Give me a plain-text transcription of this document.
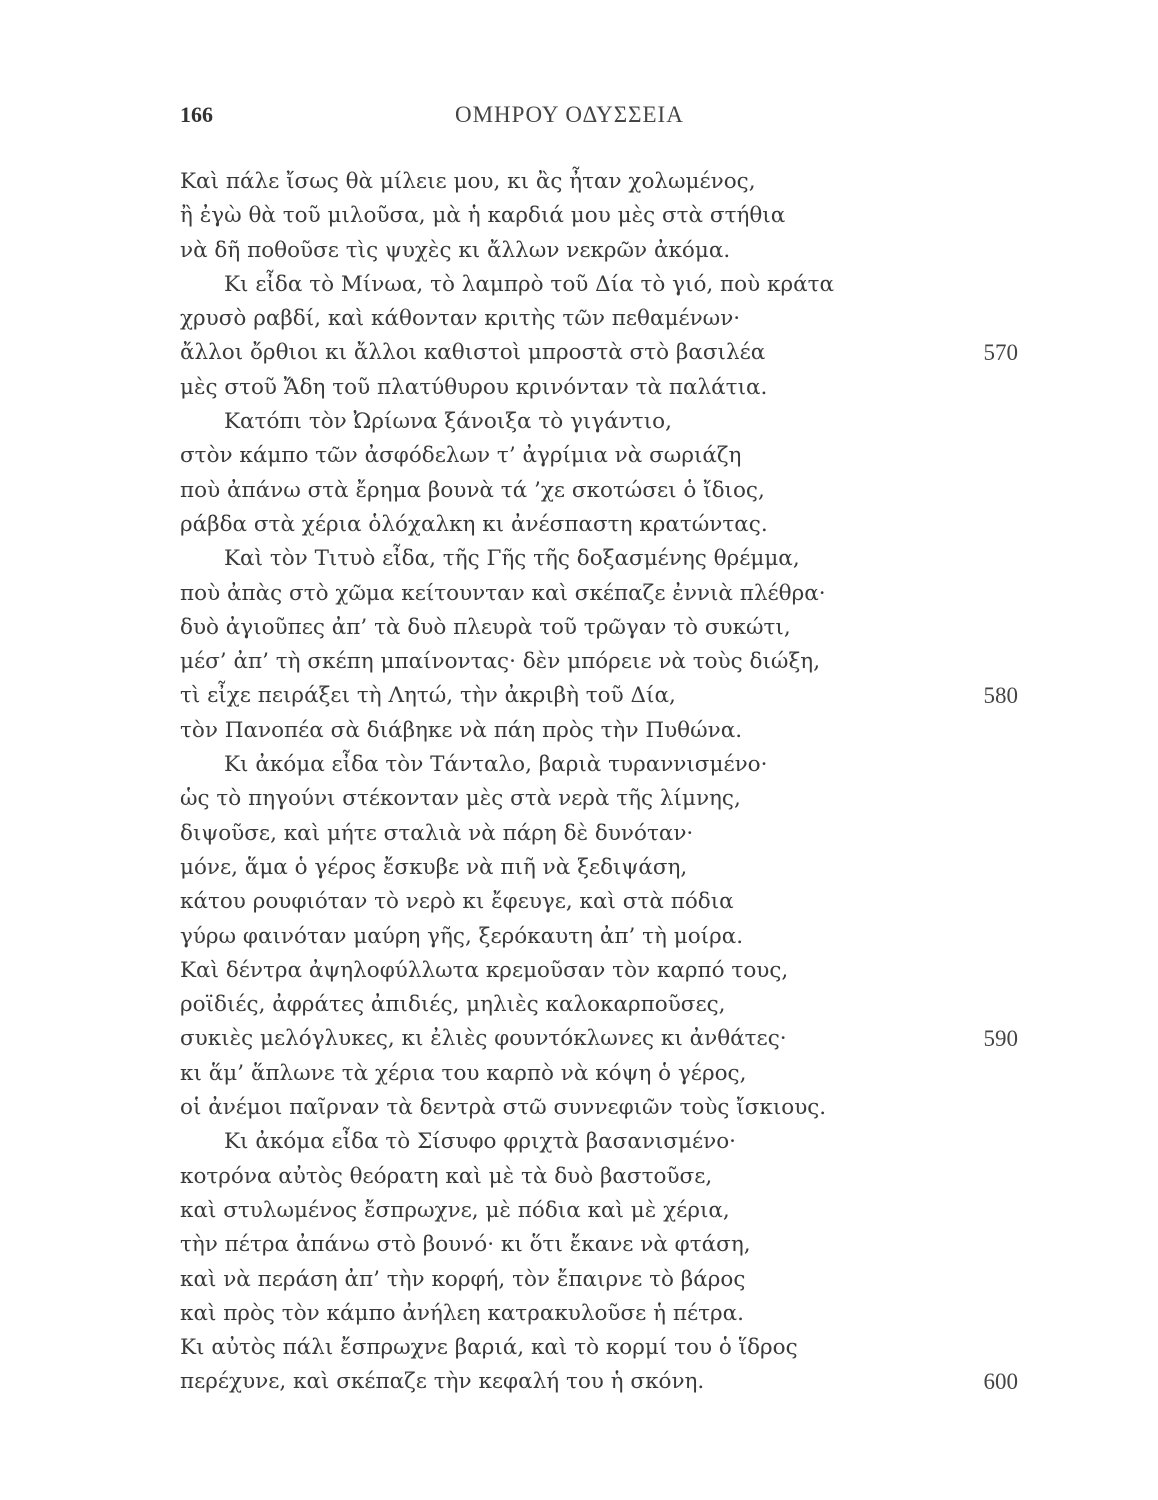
166	ΟΜΗΡΟΥ ΟΔΥΣΣΕΙΑ
Καὶ πάλε ἴσως θὰ μίλειε μου, κι ἂς ἦταν χολωμένος,
ἢ ἐγὼ θὰ τοῦ μιλοῦσα, μὰ ἡ καρδιά μου μὲς στὰ στήθια
νὰ δῆ ποθοῦσε τὶς ψυχὲς κι ἄλλων νεκρῶν ἀκόμα.
Κι εἶδα τὸ Μίνωα, τὸ λαμπρὸ τοῦ Δία τὸ γιό, ποὺ κράτα
χρυσὸ ραβδί, καὶ κάθονταν κριτὴς τῶν πεθαμένων·
ἄλλοι ὄρθιοι κι ἄλλοι καθιστοὶ μπροστὰ στὸ βασιλέα	570
μὲς στοῦ Ἄδη τοῦ πλατύθυρου κρινόνταν τὰ παλάτια.
Κατόπι τὸν Ὠρίωνα ξάνοιξα τὸ γιγάντιο,
στὸν κάμπο τῶν ἀσφόδελων τ’ ἀγρίμια νὰ σωριάζη
ποὺ ἀπάνω στὰ ἔρημα βουνὰ τά ’χε σκοτώσει ὁ ἴδιος,
ράβδα στὰ χέρια ὁλόχαλκη κι ἀνέσπαστη κρατώντας.
Καὶ τὸν Τιτυὸ εἶδα, τῆς Γῆς τῆς δοξασμένης θρέμμα,
ποὺ ἀπὰς στὸ χῶμα κείτουνταν καὶ σκέπαζε ἐννιὰ πλέθρα·
δυὸ ἀγιοῦπες ἀπ’ τὰ δυὸ πλευρὰ τοῦ τρῶγαν τὸ συκώτι,
μέσ’ ἀπ’ τὴ σκέπη μπαίνοντας· δὲν μπόρειε νὰ τοὺς διώξη,
τὶ εἶχε πειράξει τὴ Λητώ, τὴν ἀκριβὴ τοῦ Δία,	580
τὸν Πανοπέα σὰ διάβηκε νὰ πάη πρὸς τὴν Πυθώνα.
Κι ἀκόμα εἶδα τὸν Τάνταλο, βαριὰ τυραννισμένο·
ὡς τὸ πηγούνι στέκονταν μὲς στὰ νερὰ τῆς λίμνης,
διψοῦσε, καὶ μήτε σταλιὰ νὰ πάρη δὲ δυνόταν·
μόνε, ἅμα ὁ γέρος ἔσκυβε νὰ πιῆ νὰ ξεδιψάση,
κάτου ρουφιόταν τὸ νερὸ κι ἔφευγε, καὶ στὰ πόδια
γύρω φαινόταν μαύρη γῆς, ξερόκαυτη ἀπ’ τὴ μοίρα.
Καὶ δέντρα ἀψηλοφύλλωτα κρεμοῦσαν τὸν καρπό τους,
ροϊδιές, ἀφράτες ἀπιδιές, μηλιὲς καλοκαρποῦσες,
συκιὲς μελόγλυκες, κι ἐλιὲς φουντόκλωνες κι ἀνθάτες·	590
κι ἅμ’ ἅπλωνε τὰ χέρια του καρπὸ νὰ κόψη ὁ γέρος,
οἱ ἀνέμοι παῖρναν τὰ δεντρὰ στῶ συννεφιῶν τοὺς ἴσκιους.
Κι ἀκόμα εἶδα τὸ Σίσυφο φριχτὰ βασανισμένο·
κοτρόνα αὐτὸς θεόρατη καὶ μὲ τὰ δυὸ βαστοῦσε,
καὶ στυλωμένος ἔσπρωχνε, μὲ πόδια καὶ μὲ χέρια,
τὴν πέτρα ἀπάνω στὸ βουνό· κι ὅτι ἔκανε νὰ φτάση,
καὶ νὰ περάση ἀπ’ τὴν κορφή, τὸν ἔπαιρνε τὸ βάρος
καὶ πρὸς τὸν κάμπο ἀνήλεη κατρακυλοῦσε ἡ πέτρα.
Κι αὐτὸς πάλι ἔσπρωχνε βαριά, καὶ τὸ κορμί του ὁ ἵδρος
περέχυνε, καὶ σκέπαζε τὴν κεφαλή του ἡ σκόνη.	600
